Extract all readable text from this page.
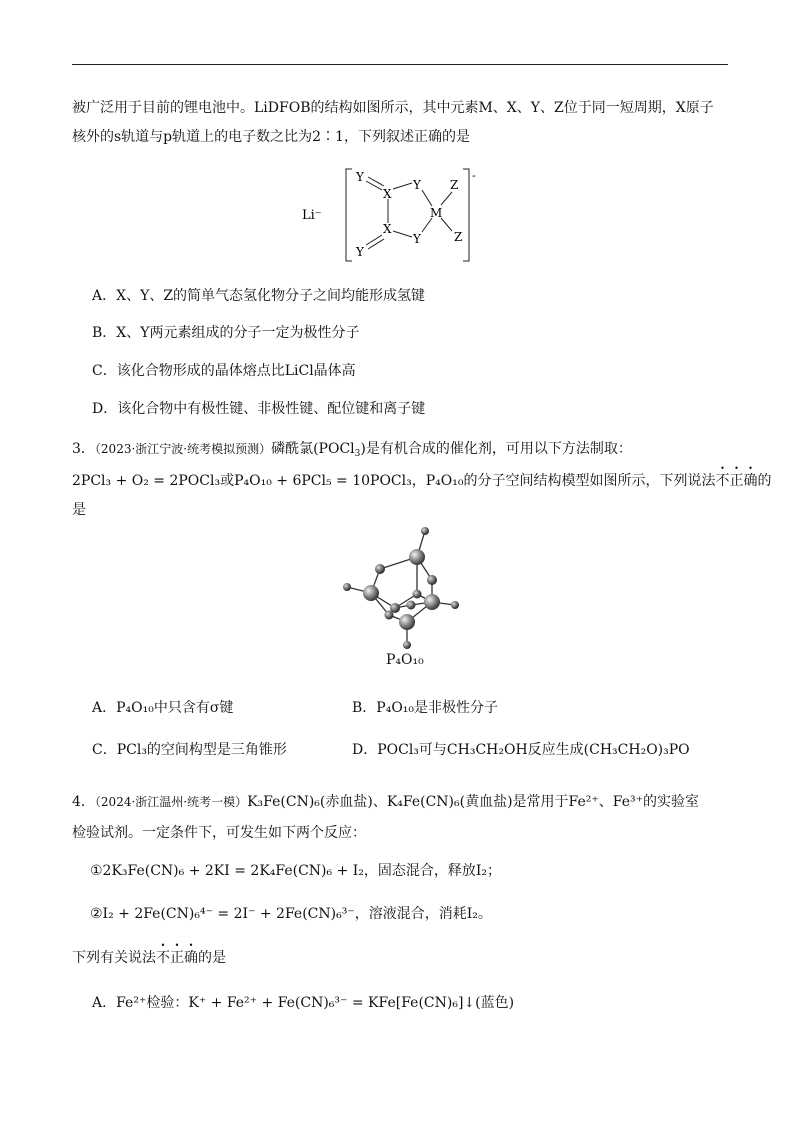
被广泛用于目前的锂电池中。LiDFOB的结构如图所示，其中元素M、X、Y、Z位于同一短周期，X原子
核外的s轨道与p轨道上的电子数之比为2∶1，下列叙述正确的是
Li⁻
-
Y
X
Y Z
M
X
Y	Z
Y
A．X、Y、Z的简单气态氢化物分子之间均能形成氢键
B．X、Y两元素组成的分子一定为极性分子
C．该化合物形成的晶体熔点比LiCl晶体高
D．该化合物中有极性键、非极性键、配位键和离子键
3．（2023·浙江宁波·统考模拟预测）磷酰氯(POCl$_3$)是有机合成的催化剂，可用以下方法制取：
2PCl₃ + O₂ = 2POCl₃或P₄O₁₀ + 6PCl₅ = 10POCl₃，P₄O₁₀的分子空间结构模型如图所示，下列说法不正确的
是
P₄O₁₀
A．P₄O₁₀中只含有σ键	B．P₄O₁₀是非极性分子
C．PCl₃的空间构型是三角锥形	D．POCl₃可与CH₃CH₂OH反应生成(CH₃CH₂O)₃PO
4．（2024·浙江温州·统考一模）K₃Fe(CN)₆(赤血盐)、K₄Fe(CN)₆(黄血盐)是常用于Fe²⁺、Fe³⁺的实验室
检验试剂。一定条件下，可发生如下两个反应：
①2K₃Fe(CN)₆ + 2KI = 2K₄Fe(CN)₆ + I₂，固态混合，释放I₂；
②I₂ + 2Fe(CN)₆⁴⁻ = 2I⁻ + 2Fe(CN)₆³⁻，溶液混合，消耗I₂。
下列有关说法不正确的是
A．Fe²⁺检验：K⁺ + Fe²⁺ + Fe(CN)₆³⁻ = KFe[Fe(CN)₆]↓(蓝色)
